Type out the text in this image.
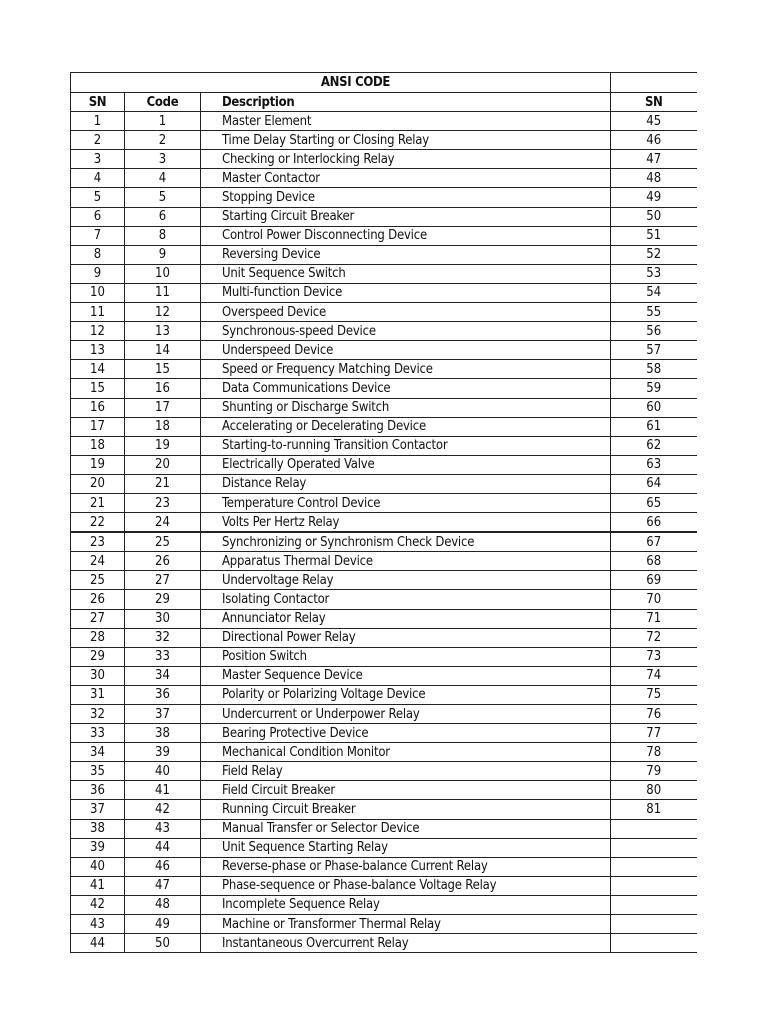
ANSI CODE			
SN	Code	Description	SN
1	1	Master Element	45
2	2	Time Delay Starting or Closing Relay	46
3	3	Checking or Interlocking Relay	47
4	4	Master Contactor	48
5	5	Stopping Device	49
6	6	Starting Circuit Breaker	50
7	8	Control Power Disconnecting Device	51
8	9	Reversing Device	52
9	10	Unit Sequence Switch	53
10	11	Multi-function Device	54
11	12	Overspeed Device	55
12	13	Synchronous-speed Device	56
13	14	Underspeed Device	57
14	15	Speed or Frequency Matching Device	58
15	16	Data Communications Device	59
16	17	Shunting or Discharge Switch	60
17	18	Accelerating or Decelerating Device	61
18	19	Starting-to-running Transition Contactor	62
19	20	Electrically Operated Valve	63
20	21	Distance Relay	64
21	23	Temperature Control Device	65
22	24	Volts Per Hertz Relay	66
23	25	Synchronizing or Synchronism Check Device	67
24	26	Apparatus Thermal Device	68
25	27	Undervoltage Relay	69
26	29	Isolating Contactor	70
27	30	Annunciator Relay	71
28	32	Directional Power Relay	72
29	33	Position Switch	73
30	34	Master Sequence Device	74
31	36	Polarity or Polarizing Voltage Device	75
32	37	Undercurrent or Underpower Relay	76
33	38	Bearing Protective Device	77
34	39	Mechanical Condition Monitor	78
35	40	Field Relay	79
36	41	Field Circuit Breaker	80
37	42	Running Circuit Breaker	81
38	43	Manual Transfer or Selector Device	
39	44	Unit Sequence Starting Relay	
40	46	Reverse-phase or Phase-balance Current Relay	
41	47	Phase-sequence or Phase-balance Voltage Relay	
42	48	Incomplete Sequence Relay	
43	49	Machine or Transformer Thermal Relay	
44	50	Instantaneous Overcurrent Relay	
